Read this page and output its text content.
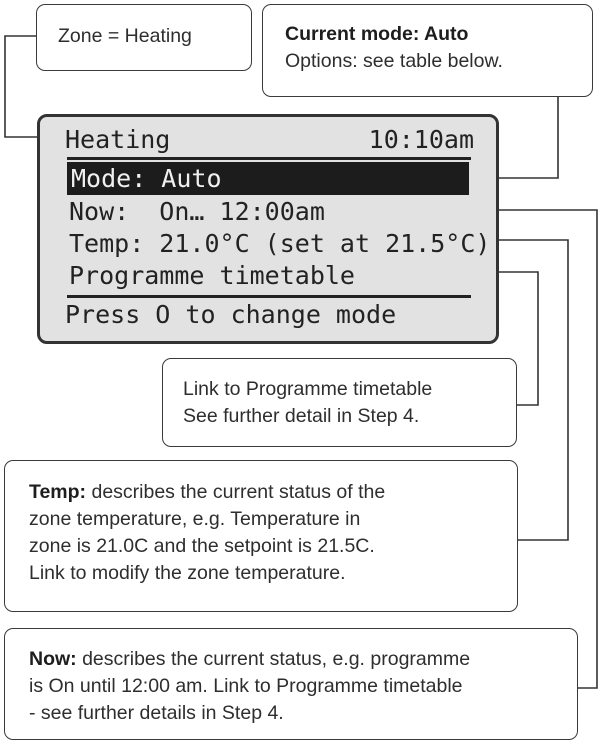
Heating	10:10am
Mode: Auto
Now:  On… 12:00am
Temp: 21.0°C (set at 21.5°C)
Programme timetable
Press O to change mode

Zone = Heating	Current mode: Auto

Options: see table below.

Link to Programme timetable

See further detail in Step 4.

Temp: describes the current status of the

zone temperature, e.g. Temperature in

zone is 21.0C and the setpoint is 21.5C.

Link to modify the zone temperature.

Now: describes the current status, e.g. programme

is On until 12:00 am. Link to Programme timetable

- see further details in Step 4.
